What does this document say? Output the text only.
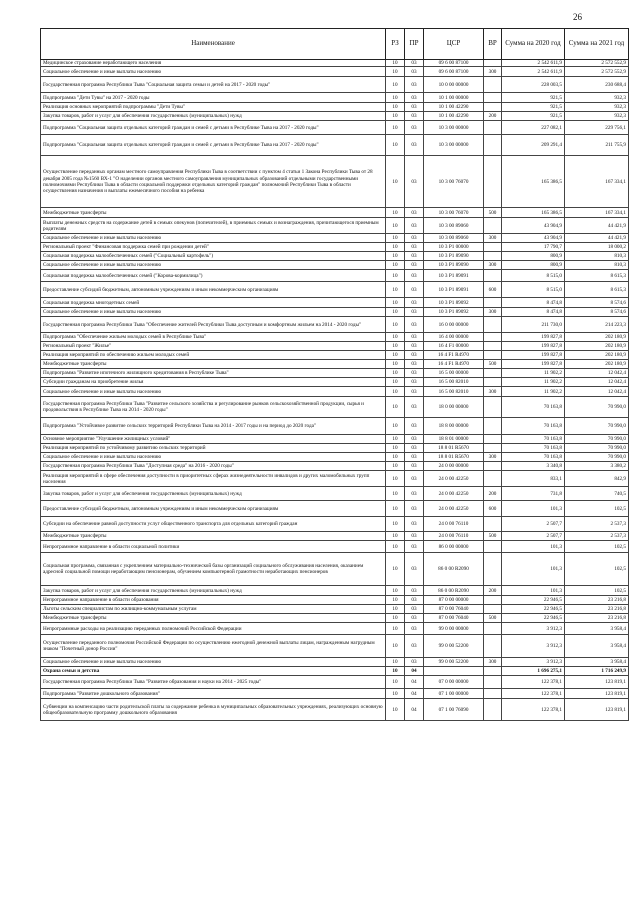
26
Наименование	РЗ	ПР	ЦСР	ВР	Сумма на 2020 год	Сумма на 2021 год
Медицинское страхование неработающего населения	10	03	09 6 00 87100		2 542 611,9	2 572 552,9
Социальное обеспечение и иные выплаты населению	10	03	09 6 00 87100	300	2 542 611,9	2 572 552,9
Государственная программа Республики Тыва "Социальная защита семьи и детей на 2017 - 2020 годы"	10	03	10 0 00 00000		228 003,5	230 688,4
Подпрограмма "Дети Тувы" на 2017 - 2020 годы	10	03	10 1 00 00000		921,5	932,3
Реализация основных мероприятий подпрограммы "Дети Тувы"	10	03	10 1 00 42290		921,5	932,3
Закупка товаров, работ и услуг для обеспечения государственных (муниципальных) нужд	10	03	10 1 00 42290	200	921,5	932,3
Подпрограмма "Социальная защита отдельных категорий граждан и семей с детьми в Республике Тыва на 2017 - 2020 годы"	10	03	10 3 00 00000		227 082,1	229 756,1
Подпрограмма "Социальная защита отдельных категорий граждан и семей с детьми в Республике Тыва на 2017 - 2020 годы"	10	03	10 3 00 00000		209 291,4	211 755,9
Осуществление переданных органам местного самоуправления Республики Тыва в соответствии с пунктом 4 статьи 1 Закона Республики Тыва от 28 декабря 2005 года №1560 ВХ-1 "О наделении органов местного самоуправления муниципальных образований отдельными государственными полномочиями Республики Тыва в области социальной поддержки отдельных категорий граждан" полномочий Республики Тыва в области осуществления назначения и выплаты ежемесячного пособия на ребенка	10	03	10 3 00 76070		165 386,5	167 334,1
Межбюджетные трансферты	10	03	10 3 00 76070	500	165 386,5	167 334,1
Выплаты денежных средств на содержание детей в семьях опекунов (попечителей), в приемных семьях и вознаграждения, причитающегося приемным родителям	10	03	10 3 00 89060		43 904,9	44 421,9
Социальное обеспечение и иные выплаты населению	10	03	10 3 00 89060	300	43 904,9	44 421,9
Региональный проект "Финансовая поддержка семей при рождении детей"	10	03	10 3 P1 00000		17 790,7	18 000,2
Социальная поддержка малообеспеченных семей ("Социальный картофель")	10	03	10 3 P1 89090		800,9	810,3
Социальное обеспечение и иные выплаты населению	10	03	10 3 P1 89090	300	800,9	810,3
Социальная поддержка малообеспеченных семей ("Корова-кормилица")	10	03	10 3 P1 89091		8 515,0	8 615,3
Предоставление субсидий бюджетным, автономным учреждениям и иным некоммерческим организациям	10	03	10 3 P1 89091	600	8 515,0	8 615,3
Социальная поддержка многодетных семей	10	03	10 3 P1 89092		8 474,8	8 574,6
Социальное обеспечение и иные выплаты населению	10	03	10 3 P1 89092	300	8 474,8	8 574,6
Государственная программа Республики Тыва "Обеспечение жителей Республики Тыва доступным и комфортным жильем на 2014 - 2020 годы"	10	03	16 0 00 00000		211 730,0	214 223,3
Подпрограмма "Обеспечение жильем молодых семей в Республике Тыва"	10	03	16 4 00 00000		199 827,8	202 180,9
Региональный проект "Жилье"	10	03	16 4 F1 00000		199 827,8	202 180,9
Реализация мероприятий по обеспечению жильем молодых семей	10	03	16 4 F1 R4970		199 827,8	202 180,9
Межбюджетные трансферты	10	03	16 4 F1 R4970	500	199 827,8	202 180,9
Подпрограмма "Развитие ипотечного жилищного кредитования в Республике Тыва"	10	03	16 5 00 00000		11 902,2	12 042,4
Субсидии гражданам на приобретение жилья	10	03	16 5 00 82010		11 902,2	12 042,4
Социальное обеспечение и иные выплаты населению	10	03	16 5 00 82010	300	11 902,2	12 042,4
Государственная программа Республики Тыва "Развитие сельского хозяйства и регулирование рынков сельскохозяйственной продукции, сырья и продовольствия в Республике Тыва на 2014 - 2020 годы"	10	03	18 0 00 00000		70 163,8	70 990,0
Подпрограмма "Устойчивое развитие сельских территорий Республики Тыва на 2014 - 2017 годы и на период до 2020 года"	10	03	18 8 00 00000		70 163,8	70 990,0
Основное мероприятие "Улучшение жилищных условий"	10	03	18 8 01 00000		70 163,8	70 990,0
Реализация мероприятий по устойчивому развитию сельских территорий	10	03	18 8 01 R5670		70 163,8	70 990,0
Социальное обеспечение и иные выплаты населению	10	03	18 8 01 R5670	300	70 163,8	70 990,0
Государственная программа Республики Тыва "Доступная среда" на 2016 - 2020 годы"	10	03	24 0 00 00000		3 340,8	3 380,2
Реализация мероприятий в сфере обеспечения доступности в приоритетных сферах жизнедеятельности инвалидов и других маломобильных групп населения	10	03	24 0 00 42250		833,1	842,9
Закупка товаров, работ и услуг для обеспечения государственных (муниципальных) нужд	10	03	24 0 00 42250	200	731,8	740,5
Предоставление субсидий бюджетным, автономным учреждениям и иным некоммерческим организациям	10	03	24 0 00 42250	600	101,3	102,5
Субсидии на обеспечение равной доступности услуг общественного транспорта для отдельных категорий граждан	10	03	24 0 00 76110		2 507,7	2 537,3
Межбюджетные трансферты	10	03	24 0 00 76110	500	2 507,7	2 537,3
Непрограммное направление в области социальной политики	10	03	86 0 00 00000		101,3	102,5
Социальная программа, связанная с укреплением материально-технической базы организаций социального обслуживания населения, оказанием адресной социальной помощи неработающим пенсионерам, обучением компьютерной грамотности неработающих пенсионеров	10	03	86 0 00 R2090		101,3	102,5
Закупка товаров, работ и услуг для обеспечения государственных (муниципальных) нужд	10	03	86 0 00 R2090	200	101,3	102,5
Непрограммное направление в области образования	10	03	87 0 00 00000		22 946,5	23 216,8
Льготы сельским специалистам по жилищно-коммунальным услугам	10	03	87 0 00 76040		22 946,5	23 216,8
Межбюджетные трансферты	10	03	87 0 00 76040	500	22 946,5	23 216,8
Непрограммные расходы на реализацию переданных полномочий Российской Федерации	10	03	99 0 00 00000		3 912,3	3 958,4
Осуществление переданного полномочия Российской Федерации по осуществлению ежегодной денежной выплаты лицам, награжденным нагрудным знаком "Почетный донор России"	10	03	99 0 00 52200		3 912,3	3 958,4
Социальное обеспечение и иные выплаты населению	10	03	99 0 00 52200	300	3 912,3	3 958,4
Охрана семьи и детства	10	04			1 696 275,1	1 716 249,9
Государственная программа Республики Тыва "Развитие образования и науки на 2014 - 2025 годы"	10	04	07 0 00 00000		122 378,1	123 819,1
Подпрограмма "Развитие дошкольного образования"	10	04	07 1 00 00000		122 378,1	123 819,1
Субвенции на компенсацию части родительской платы за содержание ребенка в муниципальных образовательных учреждениях, реализующих основную общеобразовательную программу дошкольного образования	10	04	07 1 00 76090		122 378,1	123 819,1
